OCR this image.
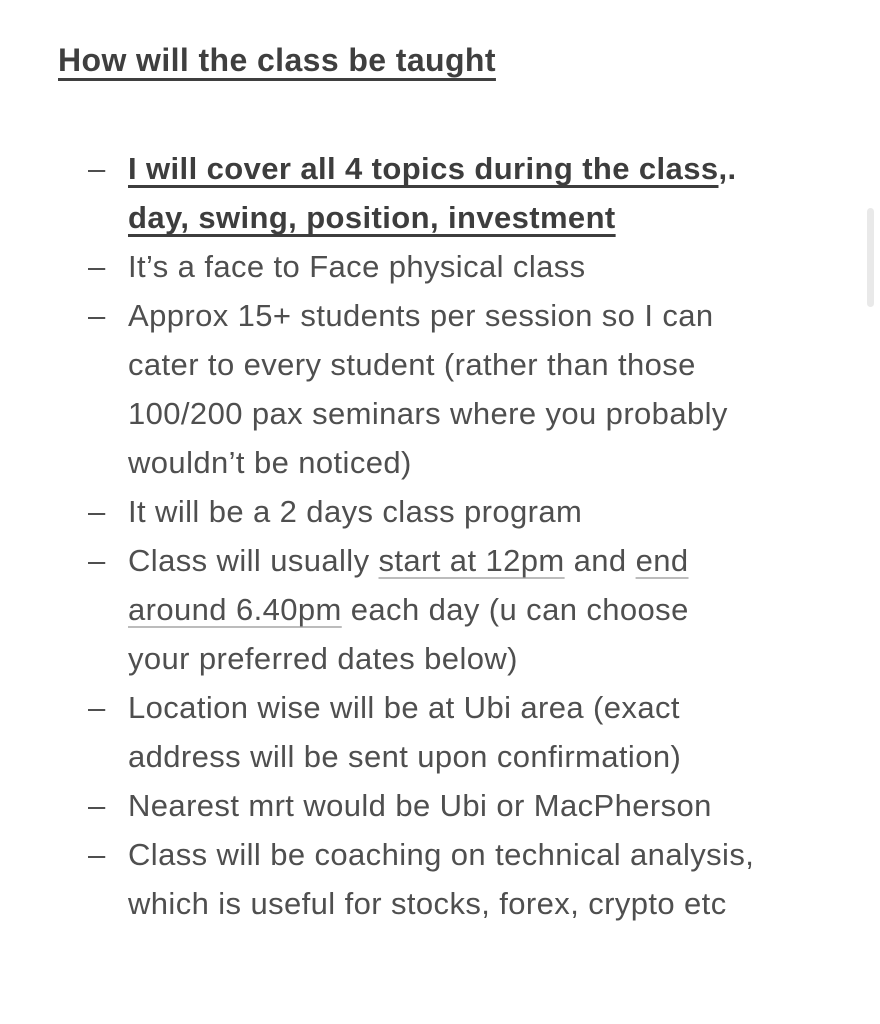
How will the class be taught
– I will cover all 4 topics during the class,.
day, swing, position, investment
– It’s a face to Face physical class
– Approx 15+ students per session so I can
cater to every student (rather than those
100/200 pax seminars where you probably
wouldn’t be noticed)
– It will be a 2 days class program
– Class will usually start at 12pm and end
around 6.40pm each day (u can choose
your preferred dates below)
– Location wise will be at Ubi area (exact
address will be sent upon confirmation)
– Nearest mrt would be Ubi or MacPherson
– Class will be coaching on technical analysis,
which is useful for stocks, forex, crypto etc
